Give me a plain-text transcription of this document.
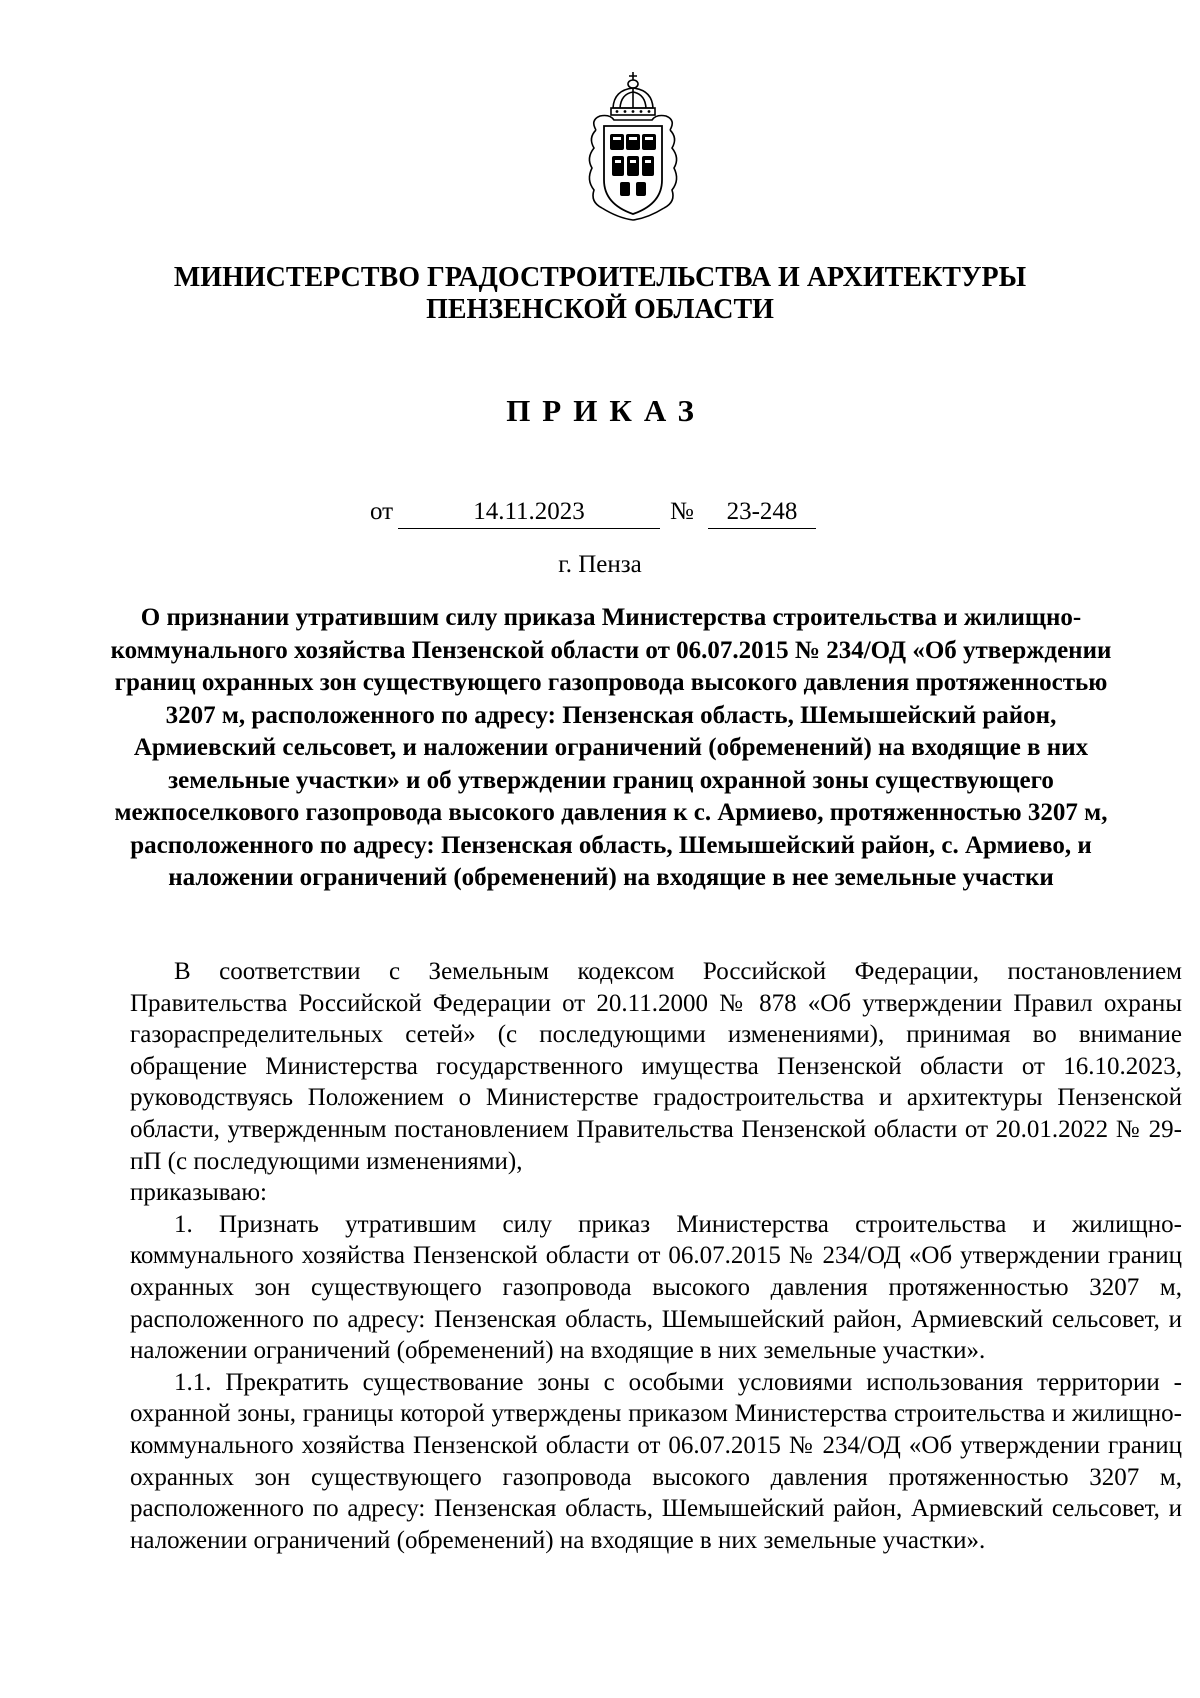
МИНИСТЕРСТВО ГРАДОСТРОИТЕЛЬСТВА И АРХИТЕКТУРЫ
ПЕНЗЕНСКОЙ ОБЛАСТИ
ПРИКАЗ
от	14.11.2023	№	23-248
г. Пенза
О признании утратившим силу приказа Министерства строительства и жилищно-коммунального хозяйства Пензенской области от 06.07.2015 № 234/ОД «Об утверждении границ охранных зон существующего газопровода высокого давления протяженностью 3207 м, расположенного по адресу: Пензенская область, Шемышейский район, Армиевский сельсовет, и наложении ограничений (обременений) на входящие в них земельные участки» и об утверждении границ охранной зоны существующего межпоселкового газопровода высокого давления к с. Армиево, протяженностью 3207 м, расположенного по адресу: Пензенская область, Шемышейский район, с. Армиево, и наложении ограничений (обременений) на входящие в нее земельные участки

В соответствии с Земельным кодексом Российской Федерации, постановлением Правительства Российской Федерации от 20.11.2000 № 878 «Об утверждении Правил охраны газораспределительных сетей» (с последующими изменениями), принимая во внимание обращение Министерства государственного имущества Пензенской области от 16.10.2023, руководствуясь Положением о Министерстве градостроительства и архитектуры Пензенской области, утвержденным постановлением Правительства Пензенской области от 20.01.2022 № 29-пП (с последующими изменениями),

приказываю:

1. Признать утратившим силу приказ Министерства строительства и жилищно-коммунального хозяйства Пензенской области от 06.07.2015 № 234/ОД «Об утверждении границ охранных зон существующего газопровода высокого давления протяженностью 3207 м, расположенного по адресу: Пензенская область, Шемышейский район, Армиевский сельсовет, и наложении ограничений (обременений) на входящие в них земельные участки».

1.1. Прекратить существование зоны с особыми условиями использования территории - охранной зоны, границы которой утверждены приказом Министерства строительства и жилищно-коммунального хозяйства Пензенской области от 06.07.2015 № 234/ОД «Об утверждении границ охранных зон существующего газопровода высокого давления протяженностью 3207 м, расположенного по адресу: Пензенская область, Шемышейский район, Армиевский сельсовет, и наложении ограничений (обременений) на входящие в них земельные участки».
